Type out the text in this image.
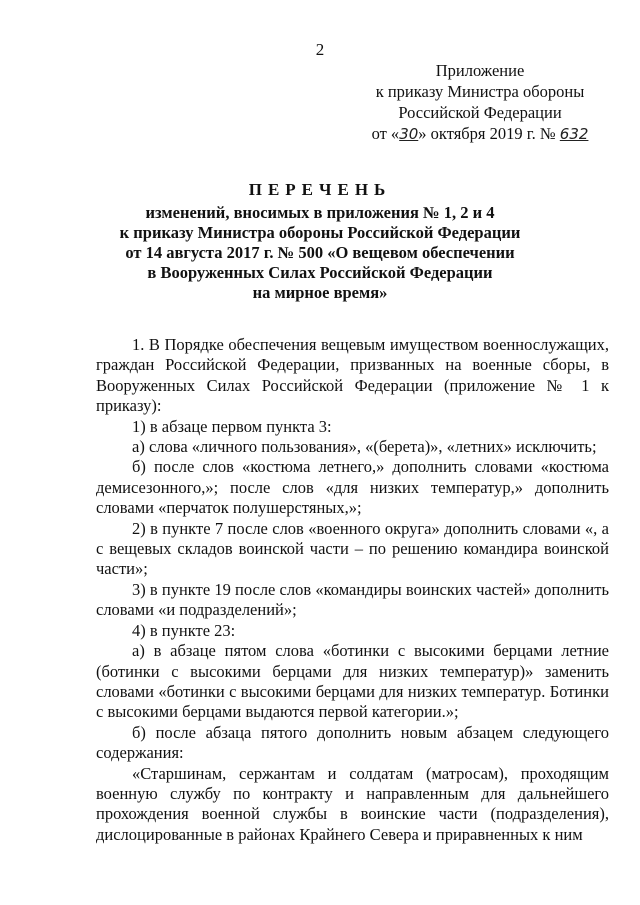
2
Приложение
к приказу Министра обороны
Российской Федерации
от «30» октября 2019 г. № 632
ПЕРЕЧЕНЬ
изменений, вносимых в приложения № 1, 2 и 4
к приказу Министра обороны Российской Федерации
от 14 августа 2017 г. № 500 «О вещевом обеспечении
в Вооруженных Силах Российской Федерации
на мирное время»

1. В Порядке обеспечения вещевым имуществом военнослужащих, граждан Российской Федерации, призванных на военные сборы, в Вооруженных Силах Российской Федерации (приложение № 1 к приказу):

1) в абзаце первом пункта 3:

а) слова «личного пользования», «(берета)», «летних» исключить;

б) после слов «костюма летнего,» дополнить словами «костюма демисезонного,»; после слов «для низких температур,» дополнить словами «перчаток полушерстяных,»;

2) в пункте 7 после слов «военного округа» дополнить словами «, а с вещевых складов воинской части – по решению командира воинской части»;

3) в пункте 19 после слов «командиры воинских частей» дополнить словами «и подразделений»;

4) в пункте 23:

а) в абзаце пятом слова «ботинки с высокими берцами летние (ботинки с высокими берцами для низких температур)» заменить словами «ботинки с высокими берцами для низких температур. Ботинки с высокими берцами выдаются первой категории.»;

б) после абзаца пятого дополнить новым абзацем следующего содержания:

«Старшинам, сержантам и солдатам (матросам), проходящим военную службу по контракту и направленным для дальнейшего прохождения военной службы в воинские части (подразделения), дислоцированные в районах Крайнего Севера и приравненных к ним
